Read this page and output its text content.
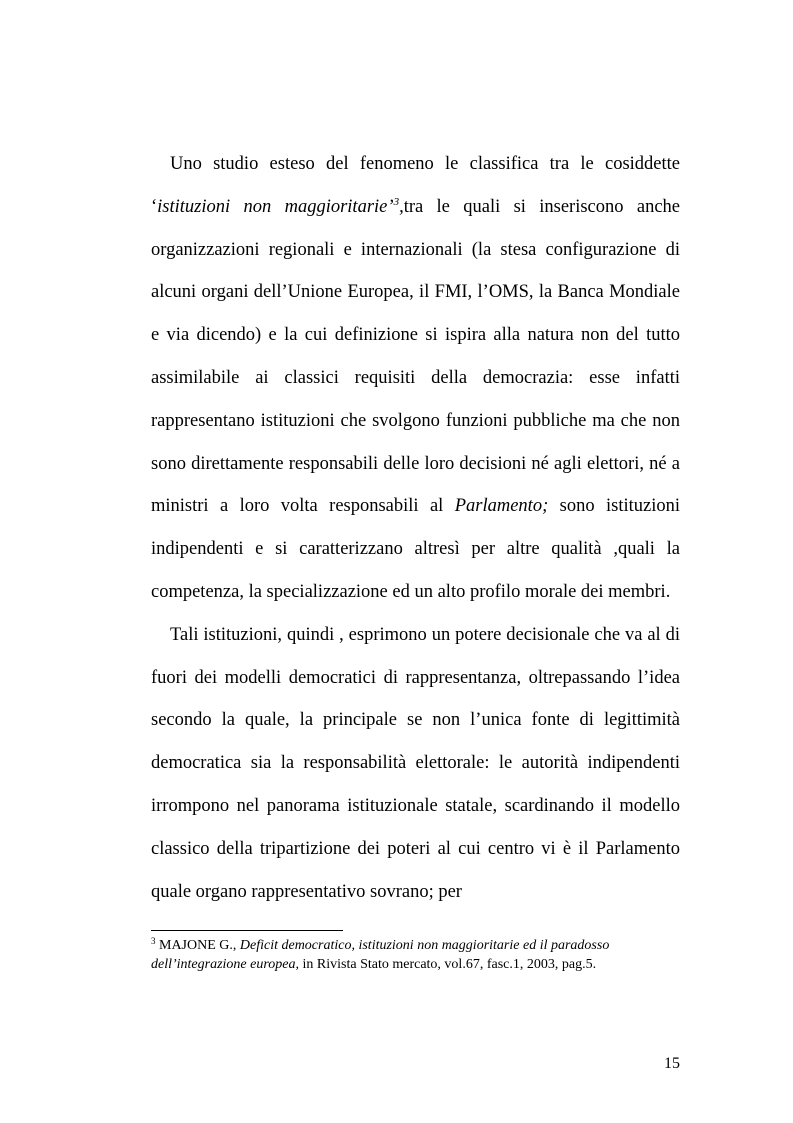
Uno studio esteso del fenomeno le classifica tra le cosiddette ‘istituzioni non maggioritarie’$^3$,tra le quali si inseriscono anche organizzazioni regionali e internazionali (la stesa configurazione di alcuni organi dell’Unione Europea, il FMI, l’OMS, la Banca Mondiale e via dicendo) e la cui definizione si ispira alla natura non del tutto assimilabile ai classici requisiti della democrazia: esse infatti rappresentano istituzioni che svolgono funzioni pubbliche ma che non sono direttamente responsabili delle loro decisioni né agli elettori, né a ministri a loro volta responsabili al Parlamento; sono istituzioni indipendenti e si caratterizzano altresì per altre qualità ,quali la competenza, la specializzazione ed un alto profilo morale dei membri.

Tali istituzioni, quindi , esprimono un potere decisionale che va al di fuori dei modelli democratici di rappresentanza, oltrepassando l’idea secondo la quale, la principale se non l’unica fonte di legittimità democratica sia la responsabilità elettorale: le autorità indipendenti irrompono nel panorama istituzionale statale, scardinando il modello classico della tripartizione dei poteri al cui centro vi è il Parlamento quale organo rappresentativo sovrano; per

$^3$ MAJONE G., Deficit democratico, istituzioni non maggioritarie ed il paradosso dell’integrazione europea, in Rivista Stato mercato, vol.67, fasc.1, 2003, pag.5.
15
